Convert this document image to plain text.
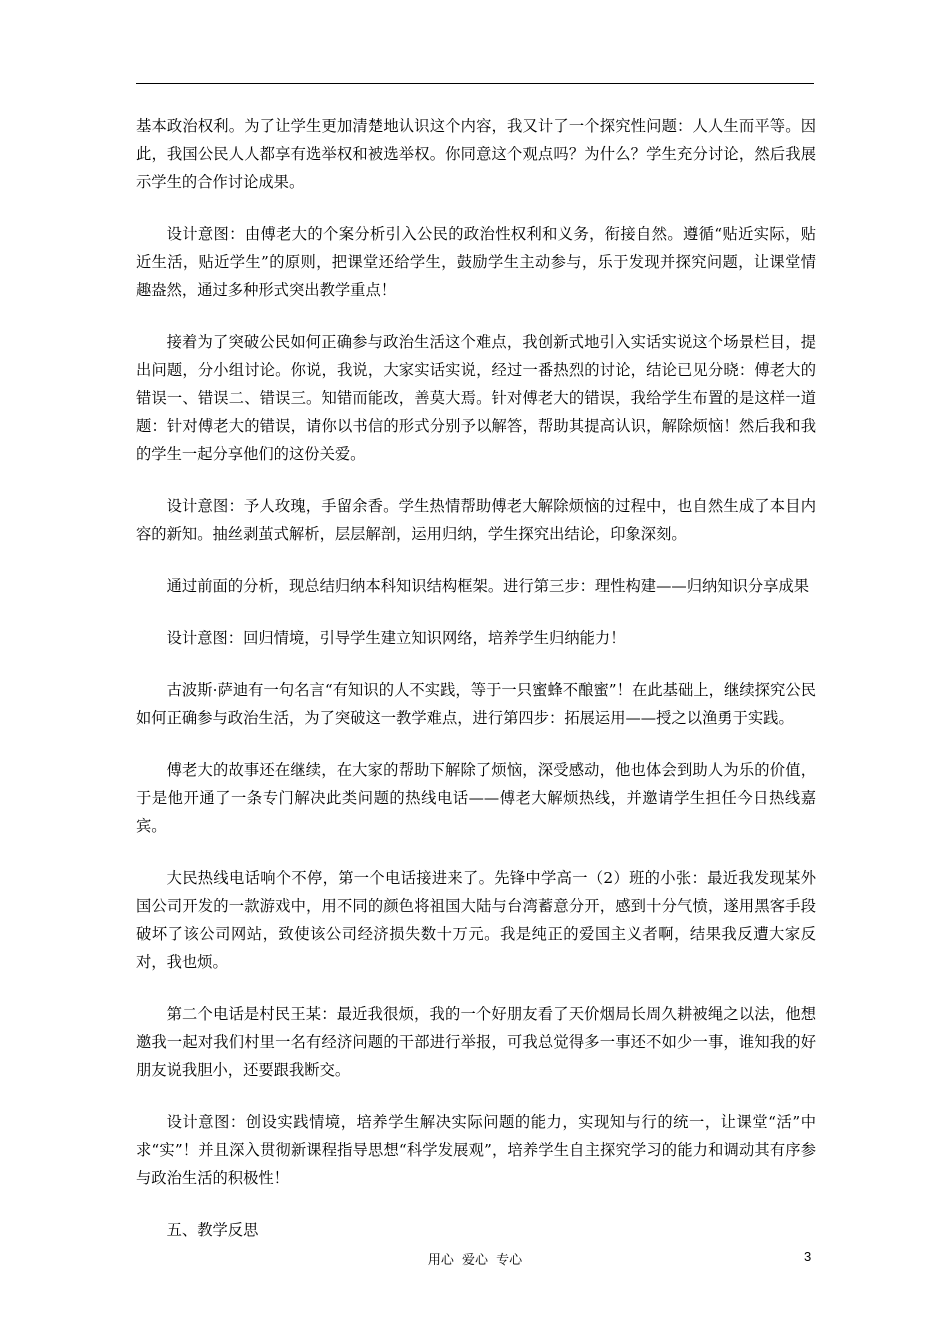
基本政治权利。为了让学生更加清楚地认识这个内容，我又计了一个探究性问题：人人生而平等。因此，我国公民人人都享有选举权和被选举权。你同意这个观点吗？为什么？学生充分讨论，然后我展示学生的合作讨论成果。

设计意图：由傅老大的个案分析引入公民的政治性权利和义务，衔接自然。遵循“贴近实际，贴近生活，贴近学生”的原则，把课堂还给学生，鼓励学生主动参与，乐于发现并探究问题，让课堂情趣盎然，通过多种形式突出教学重点！

接着为了突破公民如何正确参与政治生活这个难点，我创新式地引入实话实说这个场景栏目，提出问题，分小组讨论。你说，我说，大家实话实说，经过一番热烈的讨论，结论已见分晓：傅老大的错误一、错误二、错误三。知错而能改，善莫大焉。针对傅老大的错误，我给学生布置的是这样一道题：针对傅老大的错误，请你以书信的形式分别予以解答，帮助其提高认识，解除烦恼！然后我和我的学生一起分享他们的这份关爱。

设计意图：予人玫瑰，手留余香。学生热情帮助傅老大解除烦恼的过程中，也自然生成了本目内容的新知。抽丝剥茧式解析，层层解剖，运用归纳，学生探究出结论，印象深刻。

通过前面的分析，现总结归纳本科知识结构框架。进行第三步：理性构建——归纳知识分享成果

设计意图：回归情境，引导学生建立知识网络，培养学生归纳能力！

古波斯·萨迪有一句名言“有知识的人不实践，等于一只蜜蜂不酿蜜”！在此基础上，继续探究公民如何正确参与政治生活，为了突破这一教学难点，进行第四步：拓展运用——授之以渔勇于实践。

傅老大的故事还在继续，在大家的帮助下解除了烦恼，深受感动，他也体会到助人为乐的价值，于是他开通了一条专门解决此类问题的热线电话——傅老大解烦热线，并邀请学生担任今日热线嘉宾。

大民热线电话响个不停，第一个电话接进来了。先锋中学高一（2）班的小张：最近我发现某外国公司开发的一款游戏中，用不同的颜色将祖国大陆与台湾蓄意分开，感到十分气愤，遂用黑客手段破坏了该公司网站，致使该公司经济损失数十万元。我是纯正的爱国主义者啊，结果我反遭大家反对，我也烦。

第二个电话是村民王某：最近我很烦，我的一个好朋友看了天价烟局长周久耕被绳之以法，他想邀我一起对我们村里一名有经济问题的干部进行举报，可我总觉得多一事还不如少一事，谁知我的好朋友说我胆小，还要跟我断交。

设计意图：创设实践情境，培养学生解决实际问题的能力，实现知与行的统一，让课堂“活”中求“实”！并且深入贯彻新课程指导思想“科学发展观”，培养学生自主探究学习的能力和调动其有序参与政治生活的积极性！

五、教学反思

用心 爱心 专心	3
